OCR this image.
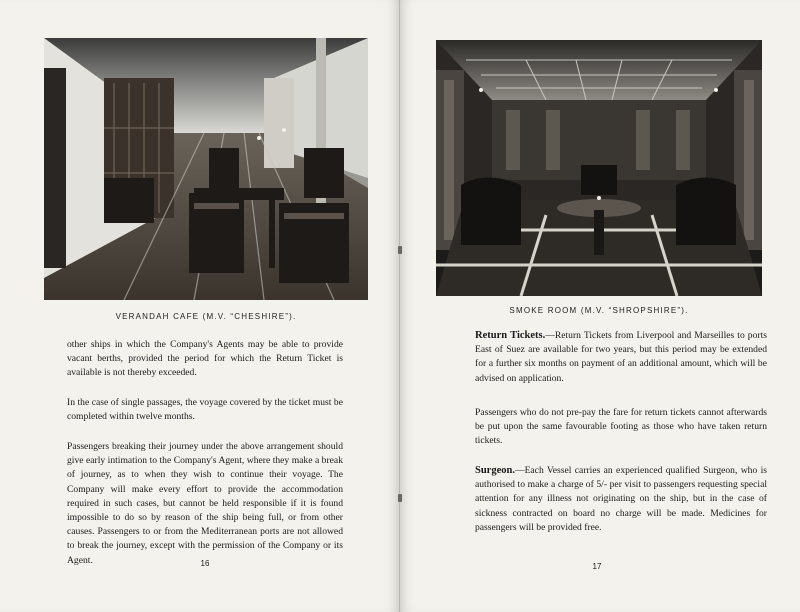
VERANDAH CAFE (M.V. “CHESHIRE”).

other ships in which the Company's Agents may be able to provide vacant berths, provided the period for which the Return Ticket is available is not thereby exceeded.

In the case of single passages, the voyage covered by the ticket must be completed within twelve months.

Passengers breaking their journey under the above arrangement should give early intimation to the Company's Agent, where they make a break of journey, as to when they wish to continue their voyage. The Company will make every effort to provide the accommodation required in such cases, but cannot be held responsible if it is found impossible to do so by reason of the ship being full, or from other causes. Passengers to or from the Mediterranean ports are not allowed to break the journey, except with the permission of the Company or its Agent.	16
SMOKE ROOM (M.V. “SHROPSHIRE”).

Return Tickets.—Return Tickets from Liverpool and Marseilles to ports East of Suez are available for two years, but this period may be extended for a further six months on payment of an additional amount, which will be advised on application.

Passengers who do not pre-pay the fare for return tickets cannot afterwards be put upon the same favourable footing as those who have taken return tickets.

Surgeon.—Each Vessel carries an experienced qualified Surgeon, who is authorised to make a charge of 5/- per visit to passengers requesting special attention for any illness not originating on the ship, but in the case of sickness contracted on board no charge will be made. Medicines for passengers will be provided free.

17
